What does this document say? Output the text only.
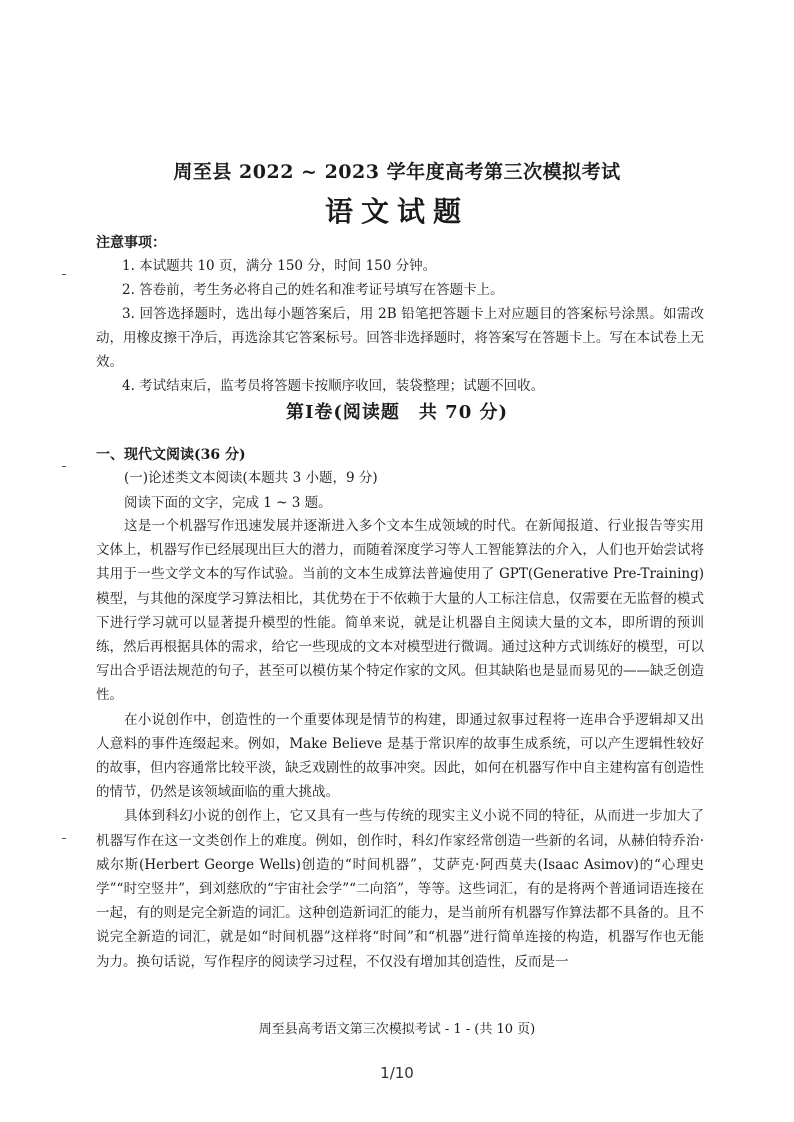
周至县 2022 ~ 2023 学年度高考第三次模拟考试
语文试题
注意事项：

1. 本试题共 10 页，满分 150 分，时间 150 分钟。

2. 答卷前，考生务必将自己的姓名和准考证号填写在答题卡上。

3. 回答选择题时，选出每小题答案后，用 2B 铅笔把答题卡上对应题目的答案标号涂黑。如需改动，用橡皮擦干净后，再选涂其它答案标号。回答非选择题时，将答案写在答题卡上。写在本试卷上无效。

4. 考试结束后，监考员将答题卡按顺序收回，装袋整理；试题不回收。

第Ⅰ卷(阅读题　共 70 分)
一、现代文阅读(36 分)
(一)论述类文本阅读(本题共 3 小题，9 分)
阅读下面的文字，完成 1 ~ 3 题。

这是一个机器写作迅速发展并逐渐进入多个文本生成领域的时代。在新闻报道、行业报告等实用文体上，机器写作已经展现出巨大的潜力，而随着深度学习等人工智能算法的介入，人们也开始尝试将其用于一些文学文本的写作试验。当前的文本生成算法普遍使用了 GPT(Generative Pre-Training)模型，与其他的深度学习算法相比，其优势在于不依赖于大量的人工标注信息，仅需要在无监督的模式下进行学习就可以显著提升模型的性能。简单来说，就是让机器自主阅读大量的文本，即所谓的预训练，然后再根据具体的需求，给它一些现成的文本对模型进行微调。通过这种方式训练好的模型，可以写出合乎语法规范的句子，甚至可以模仿某个特定作家的文风。但其缺陷也是显而易见的——缺乏创造性。

在小说创作中，创造性的一个重要体现是情节的构建，即通过叙事过程将一连串合乎逻辑却又出人意料的事件连缀起来。例如，Make Believe 是基于常识库的故事生成系统，可以产生逻辑性较好的故事，但内容通常比较平淡，缺乏戏剧性的故事冲突。因此，如何在机器写作中自主建构富有创造性的情节，仍然是该领域面临的重大挑战。

具体到科幻小说的创作上，它又具有一些与传统的现实主义小说不同的特征，从而进一步加大了机器写作在这一文类创作上的难度。例如，创作时，科幻作家经常创造一些新的名词，从赫伯特乔治·威尔斯(Herbert George Wells)创造的“时间机器”，艾萨克·阿西莫夫(Isaac Asimov)的“心理史学”“时空竖井”，到刘慈欣的“宇宙社会学”“二向箔”，等等。这些词汇，有的是将两个普通词语连接在一起，有的则是完全新造的词汇。这种创造新词汇的能力，是当前所有机器写作算法都不具备的。且不说完全新造的词汇，就是如“时间机器”这样将“时间”和“机器”进行简单连接的构造，机器写作也无能为力。换句话说，写作程序的阅读学习过程，不仅没有增加其创造性，反而是一

周至县高考语文第三次模拟考试 - 1 - (共 10 页)
1/10
